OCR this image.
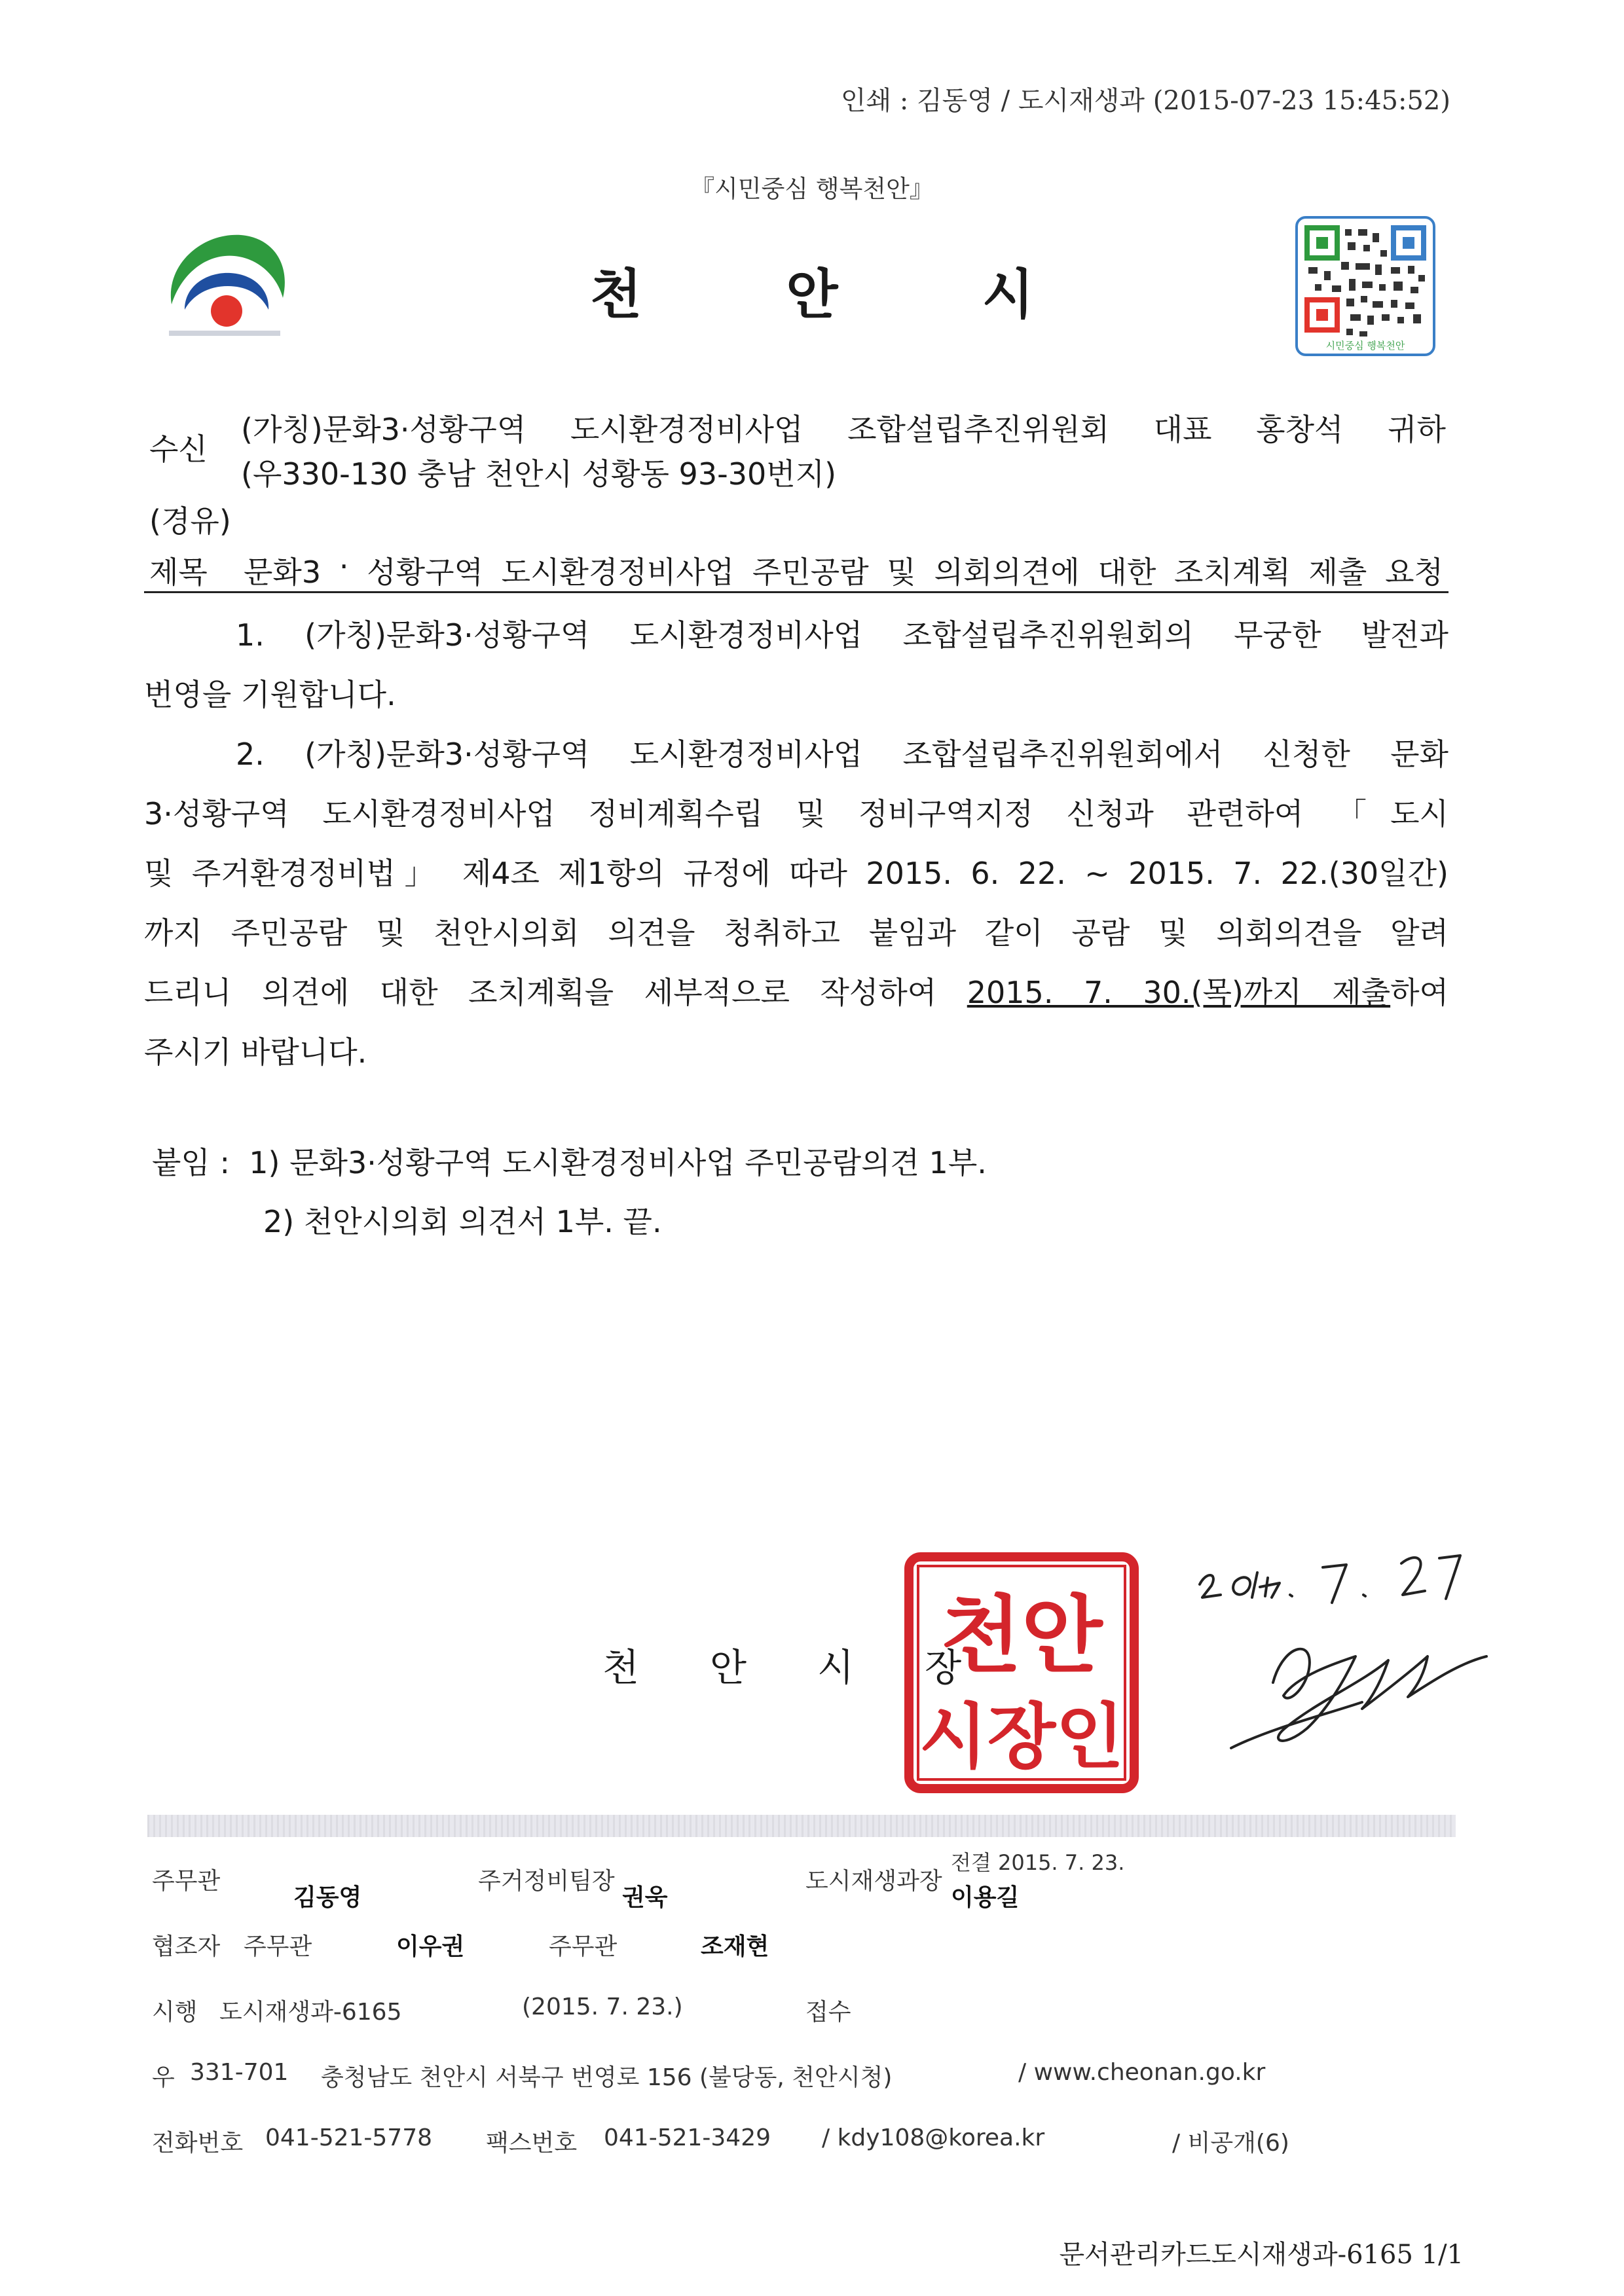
인쇄 : 김동영 / 도시재생과 (2015-07-23 15:45:52)
『시민중심 행복천안』
천안시
시민중심 행복천안
수신
(가칭)문화3·성황구역 도시환경정비사업 조합설립추진위원회 대표 홍창석 귀하
(우330-130 충남 천안시 성황동 93-30번지)
(경유)
제목 문화3 · 성황구역 도시환경정비사업 주민공람 및 의회의견에 대한 조치계획 제출 요청
1. (가칭)문화3·성황구역 도시환경정비사업 조합설립추진위원회의 무궁한 발전과
번영을 기원합니다.
2. (가칭)문화3·성황구역 도시환경정비사업 조합설립추진위원회에서 신청한 문화
3·성황구역 도시환경정비사업 정비계획수립 및 정비구역지정 신청과 관련하여 「도시
및 주거환경정비법」 제4조 제1항의 규정에 따라 2015. 6. 22. ~ 2015. 7. 22.(30일간)
까지 주민공람 및 천안시의회 의견을 청취하고 붙임과 같이 공람 및 의회의견을 알려
드리니 의견에 대한 조치계획을 세부적으로 작성하여 2015. 7. 30.(목)까지 제출하여
주시기 바랍니다.
붙임 : 1) 문화3·성황구역 도시환경정비사업 주민공람의견 1부.
2) 천안시의회 의견서 1부. 끝.
천안시장
천안
시장인
주무관
김동영
주거정비팀장
권욱
도시재생과장
전결 2015. 7. 23.
이용길
협조자 주무관	이우권	주무관	조재현
시행 도시재생과-6165	(2015. 7. 23.)	접수
우 331-701 충청남도 천안시 서북구 번영로 156 (불당동, 천안시청)	/ www.cheonan.go.kr
전화번호 041-521-5778 팩스번호 041-521-3429 / kdy108@korea.kr	/ 비공개(6)
문서관리카드도시재생과-6165 1/1
